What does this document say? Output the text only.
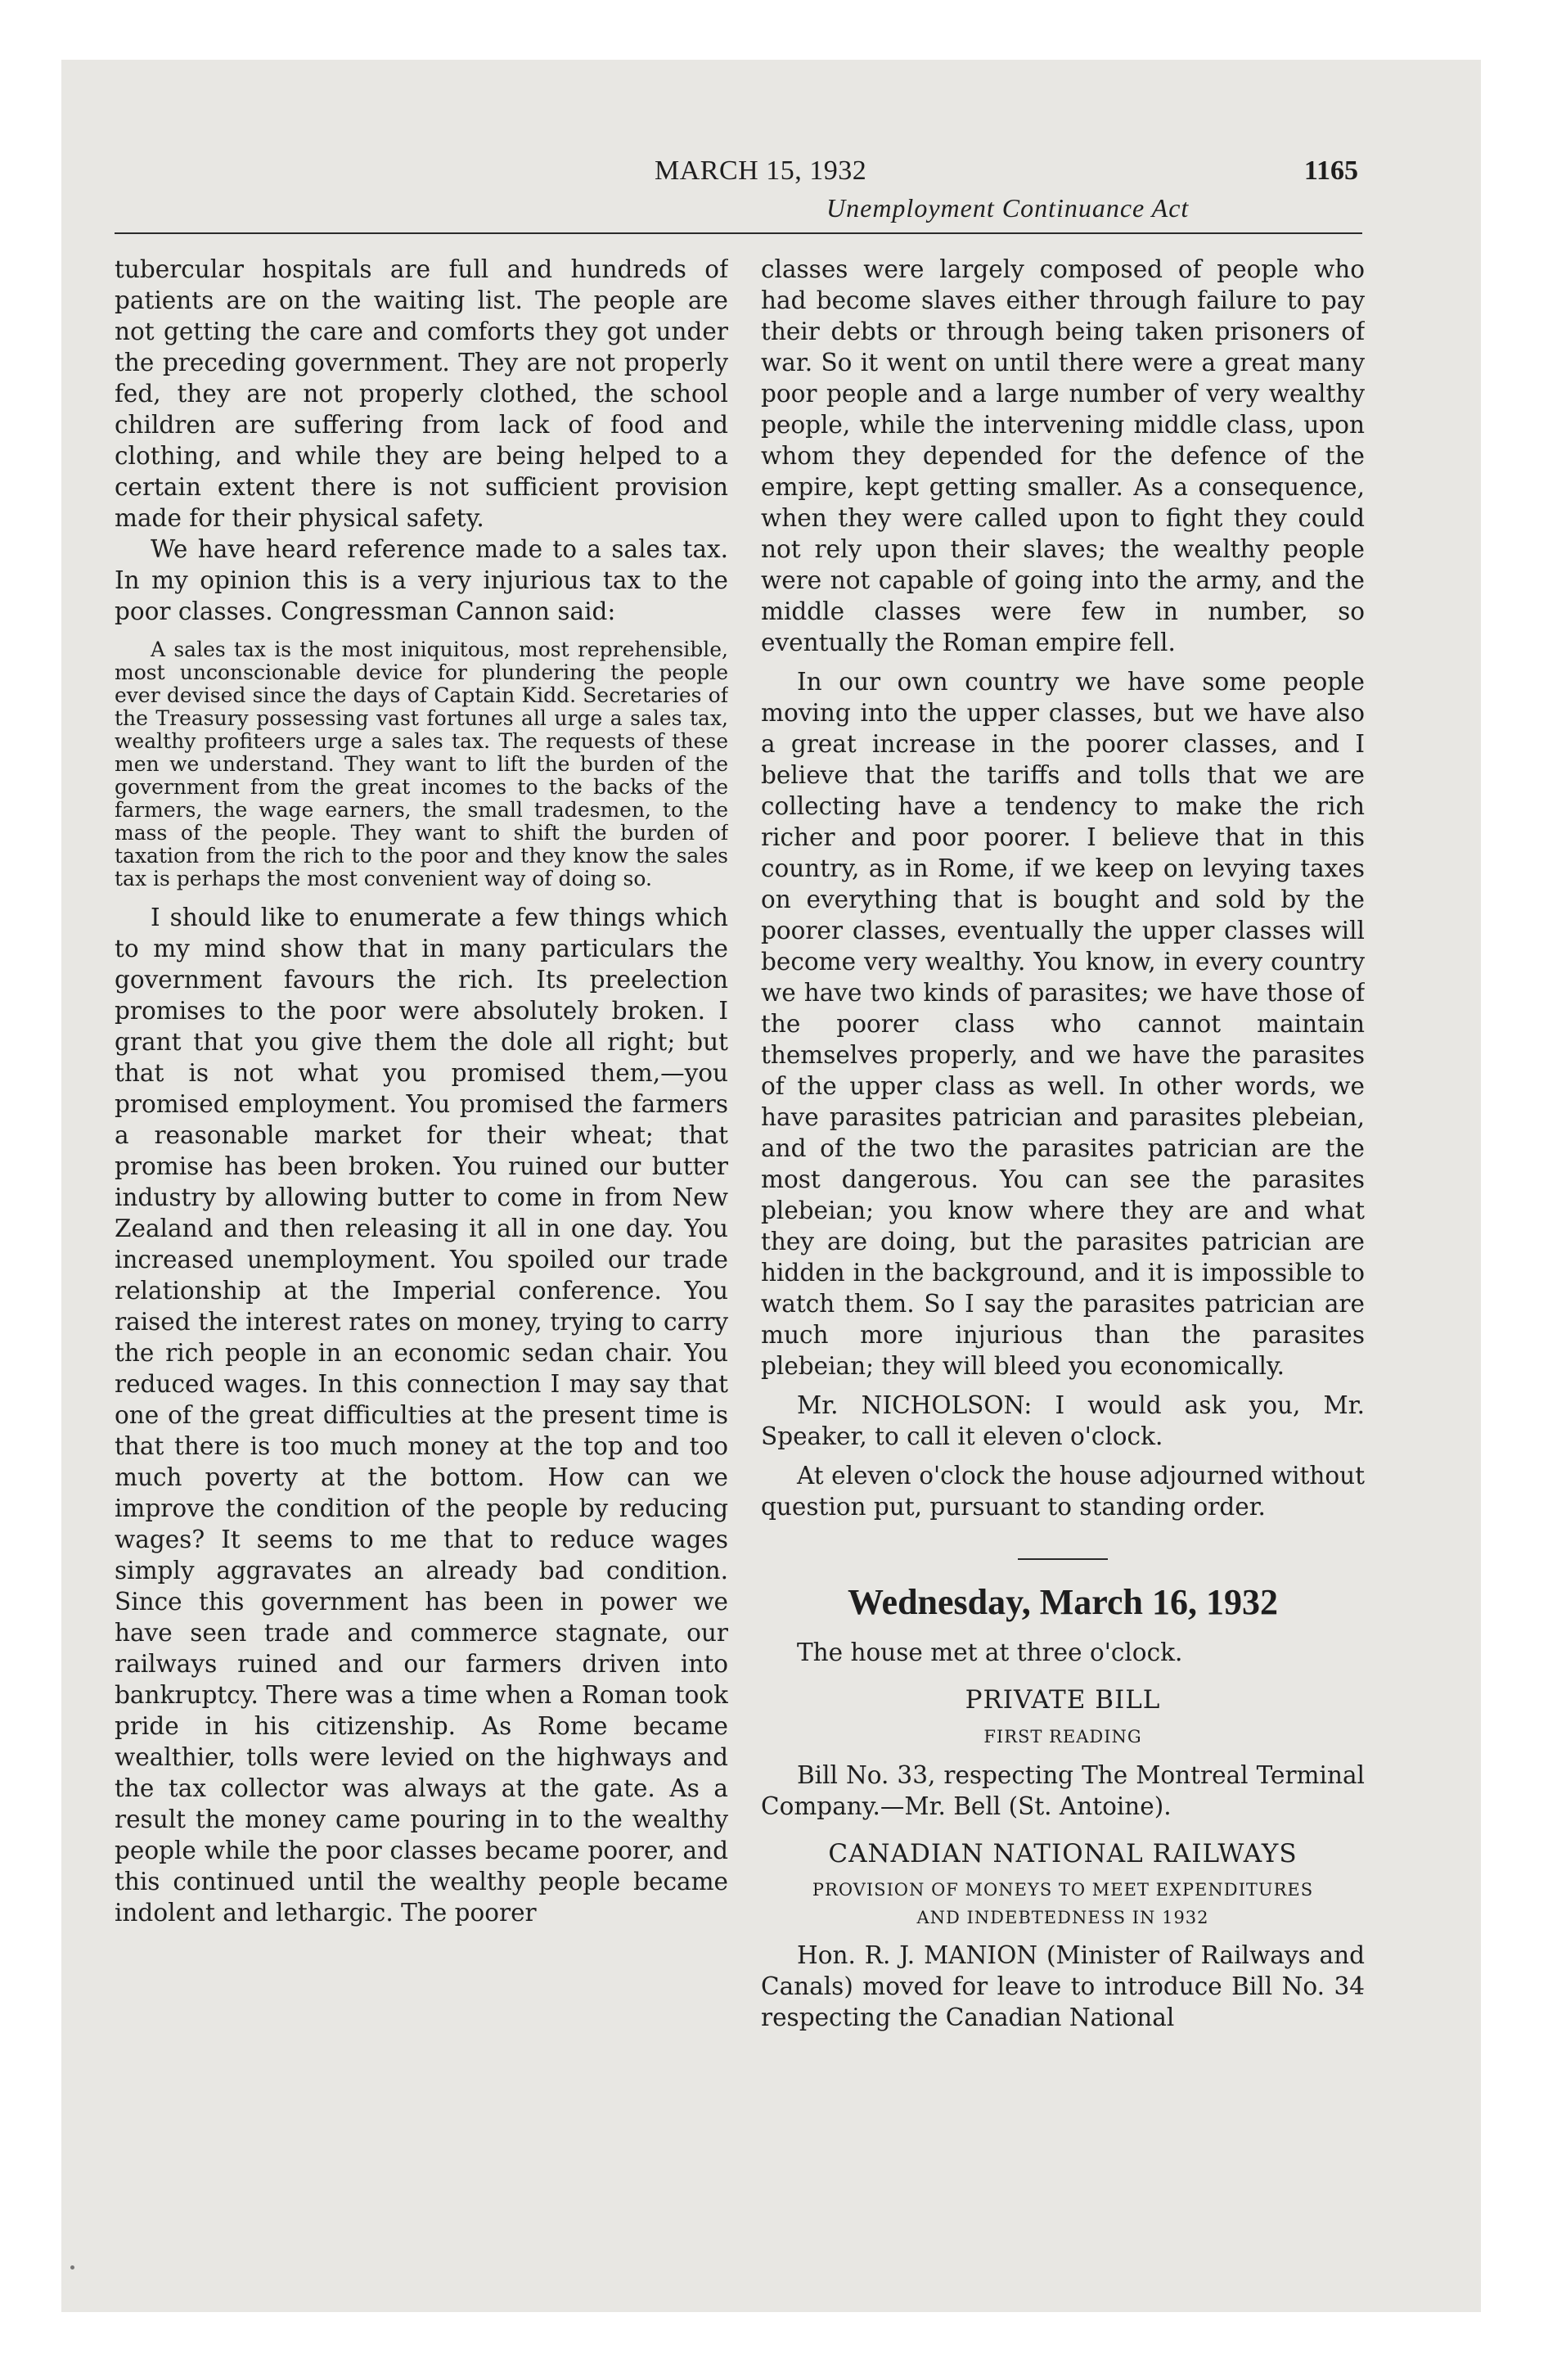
MARCH 15, 1932	1165
Unemployment Continuance Act

tubercular hospitals are full and hundreds of patients are on the waiting list. The people are not getting the care and comforts they got under the preceding government. They are not properly fed, they are not properly clothed, the school children are suffering from lack of food and clothing, and while they are being helped to a certain extent there is not sufficient provision made for their physical safety.

We have heard reference made to a sales tax. In my opinion this is a very injurious tax to the poor classes. Congressman Cannon said:

A sales tax is the most iniquitous, most reprehensible, most unconscionable device for plundering the people ever devised since the days of Captain Kidd. Secretaries of the Treasury possessing vast fortunes all urge a sales tax, wealthy profiteers urge a sales tax. The requests of these men we understand. They want to lift the burden of the government from the great incomes to the backs of the farmers, the wage earners, the small tradesmen, to the mass of the people. They want to shift the burden of taxation from the rich to the poor and they know the sales tax is perhaps the most convenient way of doing so.

I should like to enumerate a few things which to my mind show that in many particulars the government favours the rich. Its preelection promises to the poor were absolutely broken. I grant that you give them the dole all right; but that is not what you promised them,—you promised employment. You promised the farmers a reasonable market for their wheat; that promise has been broken. You ruined our butter industry by allowing butter to come in from New Zealand and then releasing it all in one day. You increased unemployment. You spoiled our trade relationship at the Imperial conference. You raised the interest rates on money, trying to carry the rich people in an economic sedan chair. You reduced wages. In this connection I may say that one of the great difficulties at the present time is that there is too much money at the top and too much poverty at the bottom. How can we improve the condition of the people by reducing wages? It seems to me that to reduce wages simply aggravates an already bad condition. Since this government has been in power we have seen trade and commerce stagnate, our railways ruined and our farmers driven into bankruptcy. There was a time when a Roman took pride in his citizenship. As Rome became wealthier, tolls were levied on the highways and the tax collector was always at the gate. As a result the money came pouring in to the wealthy people while the poor classes became poorer, and this continued until the wealthy people became indolent and lethargic. The poorer

classes were largely composed of people who had become slaves either through failure to pay their debts or through being taken prisoners of war. So it went on until there were a great many poor people and a large number of very wealthy people, while the intervening middle class, upon whom they depended for the defence of the empire, kept getting smaller. As a consequence, when they were called upon to fight they could not rely upon their slaves; the wealthy people were not capable of going into the army, and the middle classes were few in number, so eventually the Roman empire fell.

In our own country we have some people moving into the upper classes, but we have also a great increase in the poorer classes, and I believe that the tariffs and tolls that we are collecting have a tendency to make the rich richer and poor poorer. I believe that in this country, as in Rome, if we keep on levying taxes on everything that is bought and sold by the poorer classes, eventually the upper classes will become very wealthy. You know, in every country we have two kinds of parasites; we have those of the poorer class who cannot maintain themselves properly, and we have the parasites of the upper class as well. In other words, we have parasites patrician and parasites plebeian, and of the two the parasites patrician are the most dangerous. You can see the parasites plebeian; you know where they are and what they are doing, but the parasites patrician are hidden in the background, and it is impossible to watch them. So I say the parasites patrician are much more injurious than the parasites plebeian; they will bleed you economically.

Mr. NICHOLSON: I would ask you, Mr. Speaker, to call it eleven o'clock.

At eleven o'clock the house adjourned without question put, pursuant to standing order.

Wednesday, March 16, 1932

The house met at three o'clock.

PRIVATE BILL
FIRST READING

Bill No. 33, respecting The Montreal Terminal Company.—Mr. Bell (St. Antoine).

CANADIAN NATIONAL RAILWAYS
PROVISION OF MONEYS TO MEET EXPENDITURES
AND INDEBTEDNESS IN 1932

Hon. R. J. MANION (Minister of Railways and Canals) moved for leave to introduce Bill No. 34 respecting the Canadian National
